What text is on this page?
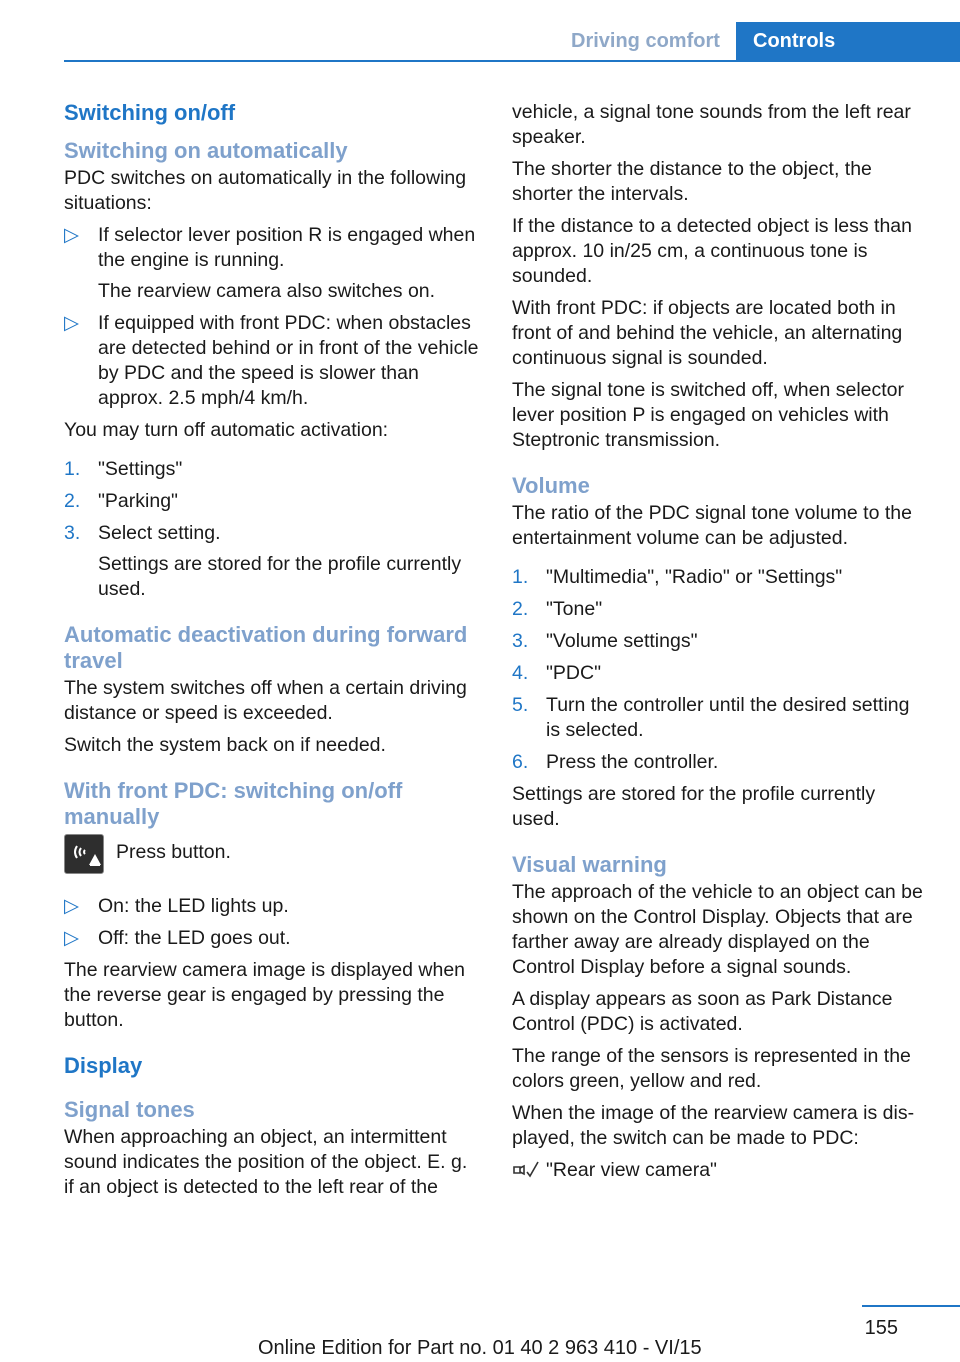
Driving comfort Controls
Switching on/off
Switching on automatically

PDC switches on automatically in the following situations:

▷ If selector lever position R is engaged when the engine is running.
The rearview camera also switches on.
▷ If equipped with front PDC: when obstacles are detected behind or in front of the vehicle by PDC and the speed is slower than approx. 2.5 mph/4 km/h.

You may turn off automatic activation:

1. "Settings"
2. "Parking"
3. Select setting.
Settings are stored for the profile currently used.
Automatic deactivation during forward travel

The system switches off when a certain driving distance or speed is exceeded.

Switch the system back on if needed.

With front PDC: switching on/off manually
Press button.
▷ On: the LED lights up.
▷ Off: the LED goes out.

The rearview camera image is displayed when the reverse gear is engaged by pressing the button.

Display
Signal tones

When approaching an object, an intermittent sound indicates the position of the object. E. g. if an object is detected to the left rear of the

vehicle, a signal tone sounds from the left rear speaker.

The shorter the distance to the object, the shorter the intervals.

If the distance to a detected object is less than approx. 10 in/25 cm, a continuous tone is sounded.

With front PDC: if objects are located both in front of and behind the vehicle, an alternating continuous signal is sounded.

The signal tone is switched off, when selector lever position P is engaged on vehicles with Steptronic transmission.

Volume

The ratio of the PDC signal tone volume to the entertainment volume can be adjusted.

1. "Multimedia", "Radio" or "Settings"
2. "Tone"
3. "Volume settings"
4. "PDC"
5. Turn the controller until the desired setting is selected.
6. Press the controller.

Settings are stored for the profile currently used.

Visual warning

The approach of the vehicle to an object can be shown on the Control Display. Objects that are farther away are already displayed on the Control Display before a signal sounds.

A display appears as soon as Park Distance Control (PDC) is activated.

The range of the sensors is represented in the colors green, yellow and red.

When the image of the rearview camera is displayed, the switch can be made to PDC:

"Rear view camera"
155
Online Edition for Part no. 01 40 2 963 410 - VI/15
